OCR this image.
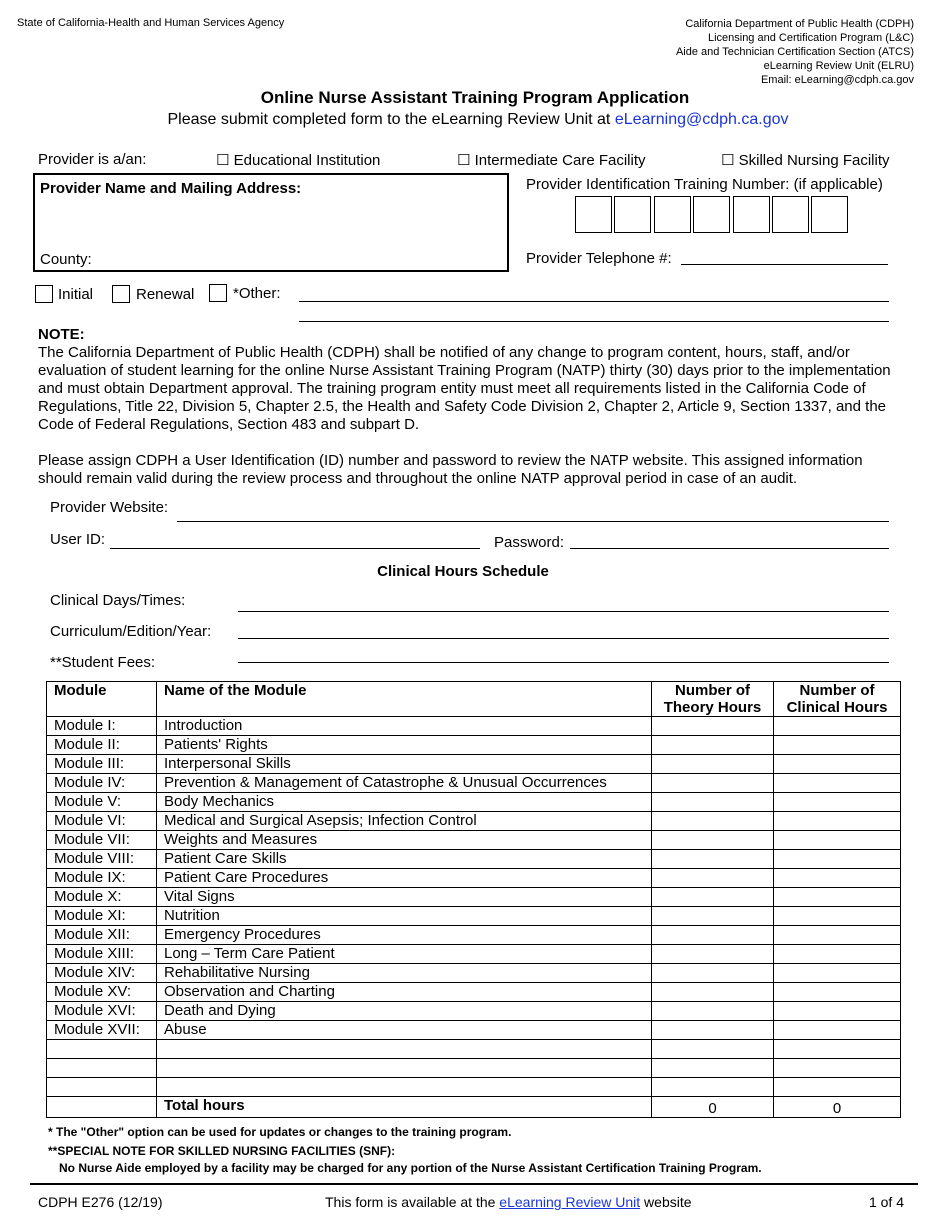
State of California-Health and Human Services Agency	California Department of Public Health (CDPH)
Licensing and Certification Program (L&C)
Aide and Technician Certification Section (ATCS)
eLearning Review Unit (ELRU)
Email: eLearning@cdph.ca.gov
Online Nurse Assistant Training Program Application
Please submit completed form to the eLearning Review Unit at eLearning@cdph.ca.gov
Provider is a/an:	☐ Educational Institution	☐ Intermediate Care Facility	☐ Skilled Nursing Facility
Provider Name and Mailing Address:
County:
Provider Identification Training Number: (if applicable)
Provider Telephone #:
Initial	Renewal	*Other:
NOTE:
The California Department of Public Health (CDPH) shall be notified of any change to program content, hours, staff, and/or evaluation of student learning for the online Nurse Assistant Training Program (NATP) thirty (30) days prior to the implementation and must obtain Department approval. The training program entity must meet all requirements listed in the California Code of Regulations, Title 22, Division 5, Chapter 2.5, the Health and Safety Code Division 2, Chapter 2, Article 9, Section 1337, and the Code of Federal Regulations, Section 483 and subpart D.
Please assign CDPH a User Identification (ID) number and password to review the NATP website. This assigned information should remain valid during the review process and throughout the online NATP approval period in case of an audit.
Provider Website:
User ID:	Password:
Clinical Hours Schedule
Clinical Days/Times:
Curriculum/Edition/Year:
**Student Fees:
Module	Name of the Module	Number of Theory Hours	Number of Clinical Hours
Module I:	Introduction		
Module II:	Patients' Rights		
Module III:	Interpersonal Skills		
Module IV:	Prevention & Management of Catastrophe & Unusual Occurrences		
Module V:	Body Mechanics		
Module VI:	Medical and Surgical Asepsis; Infection Control		
Module VII:	Weights and Measures		
Module VIII:	Patient Care Skills		
Module IX:	Patient Care Procedures		
Module X:	Vital Signs		
Module XI:	Nutrition		
Module XII:	Emergency Procedures		
Module XIII:	Long – Term Care Patient		
Module XIV:	Rehabilitative Nursing		
Module XV:	Observation and Charting		
Module XVI:	Death and Dying		
Module XVII:	Abuse		

	Total hours	0	0
* The "Other" option can be used for updates or changes to the training program.
**SPECIAL NOTE FOR SKILLED NURSING FACILITIES (SNF):
No Nurse Aide employed by a facility may be charged for any portion of the Nurse Assistant Certification Training Program.
CDPH E276 (12/19)	This form is available at the eLearning Review Unit website	1 of 4
